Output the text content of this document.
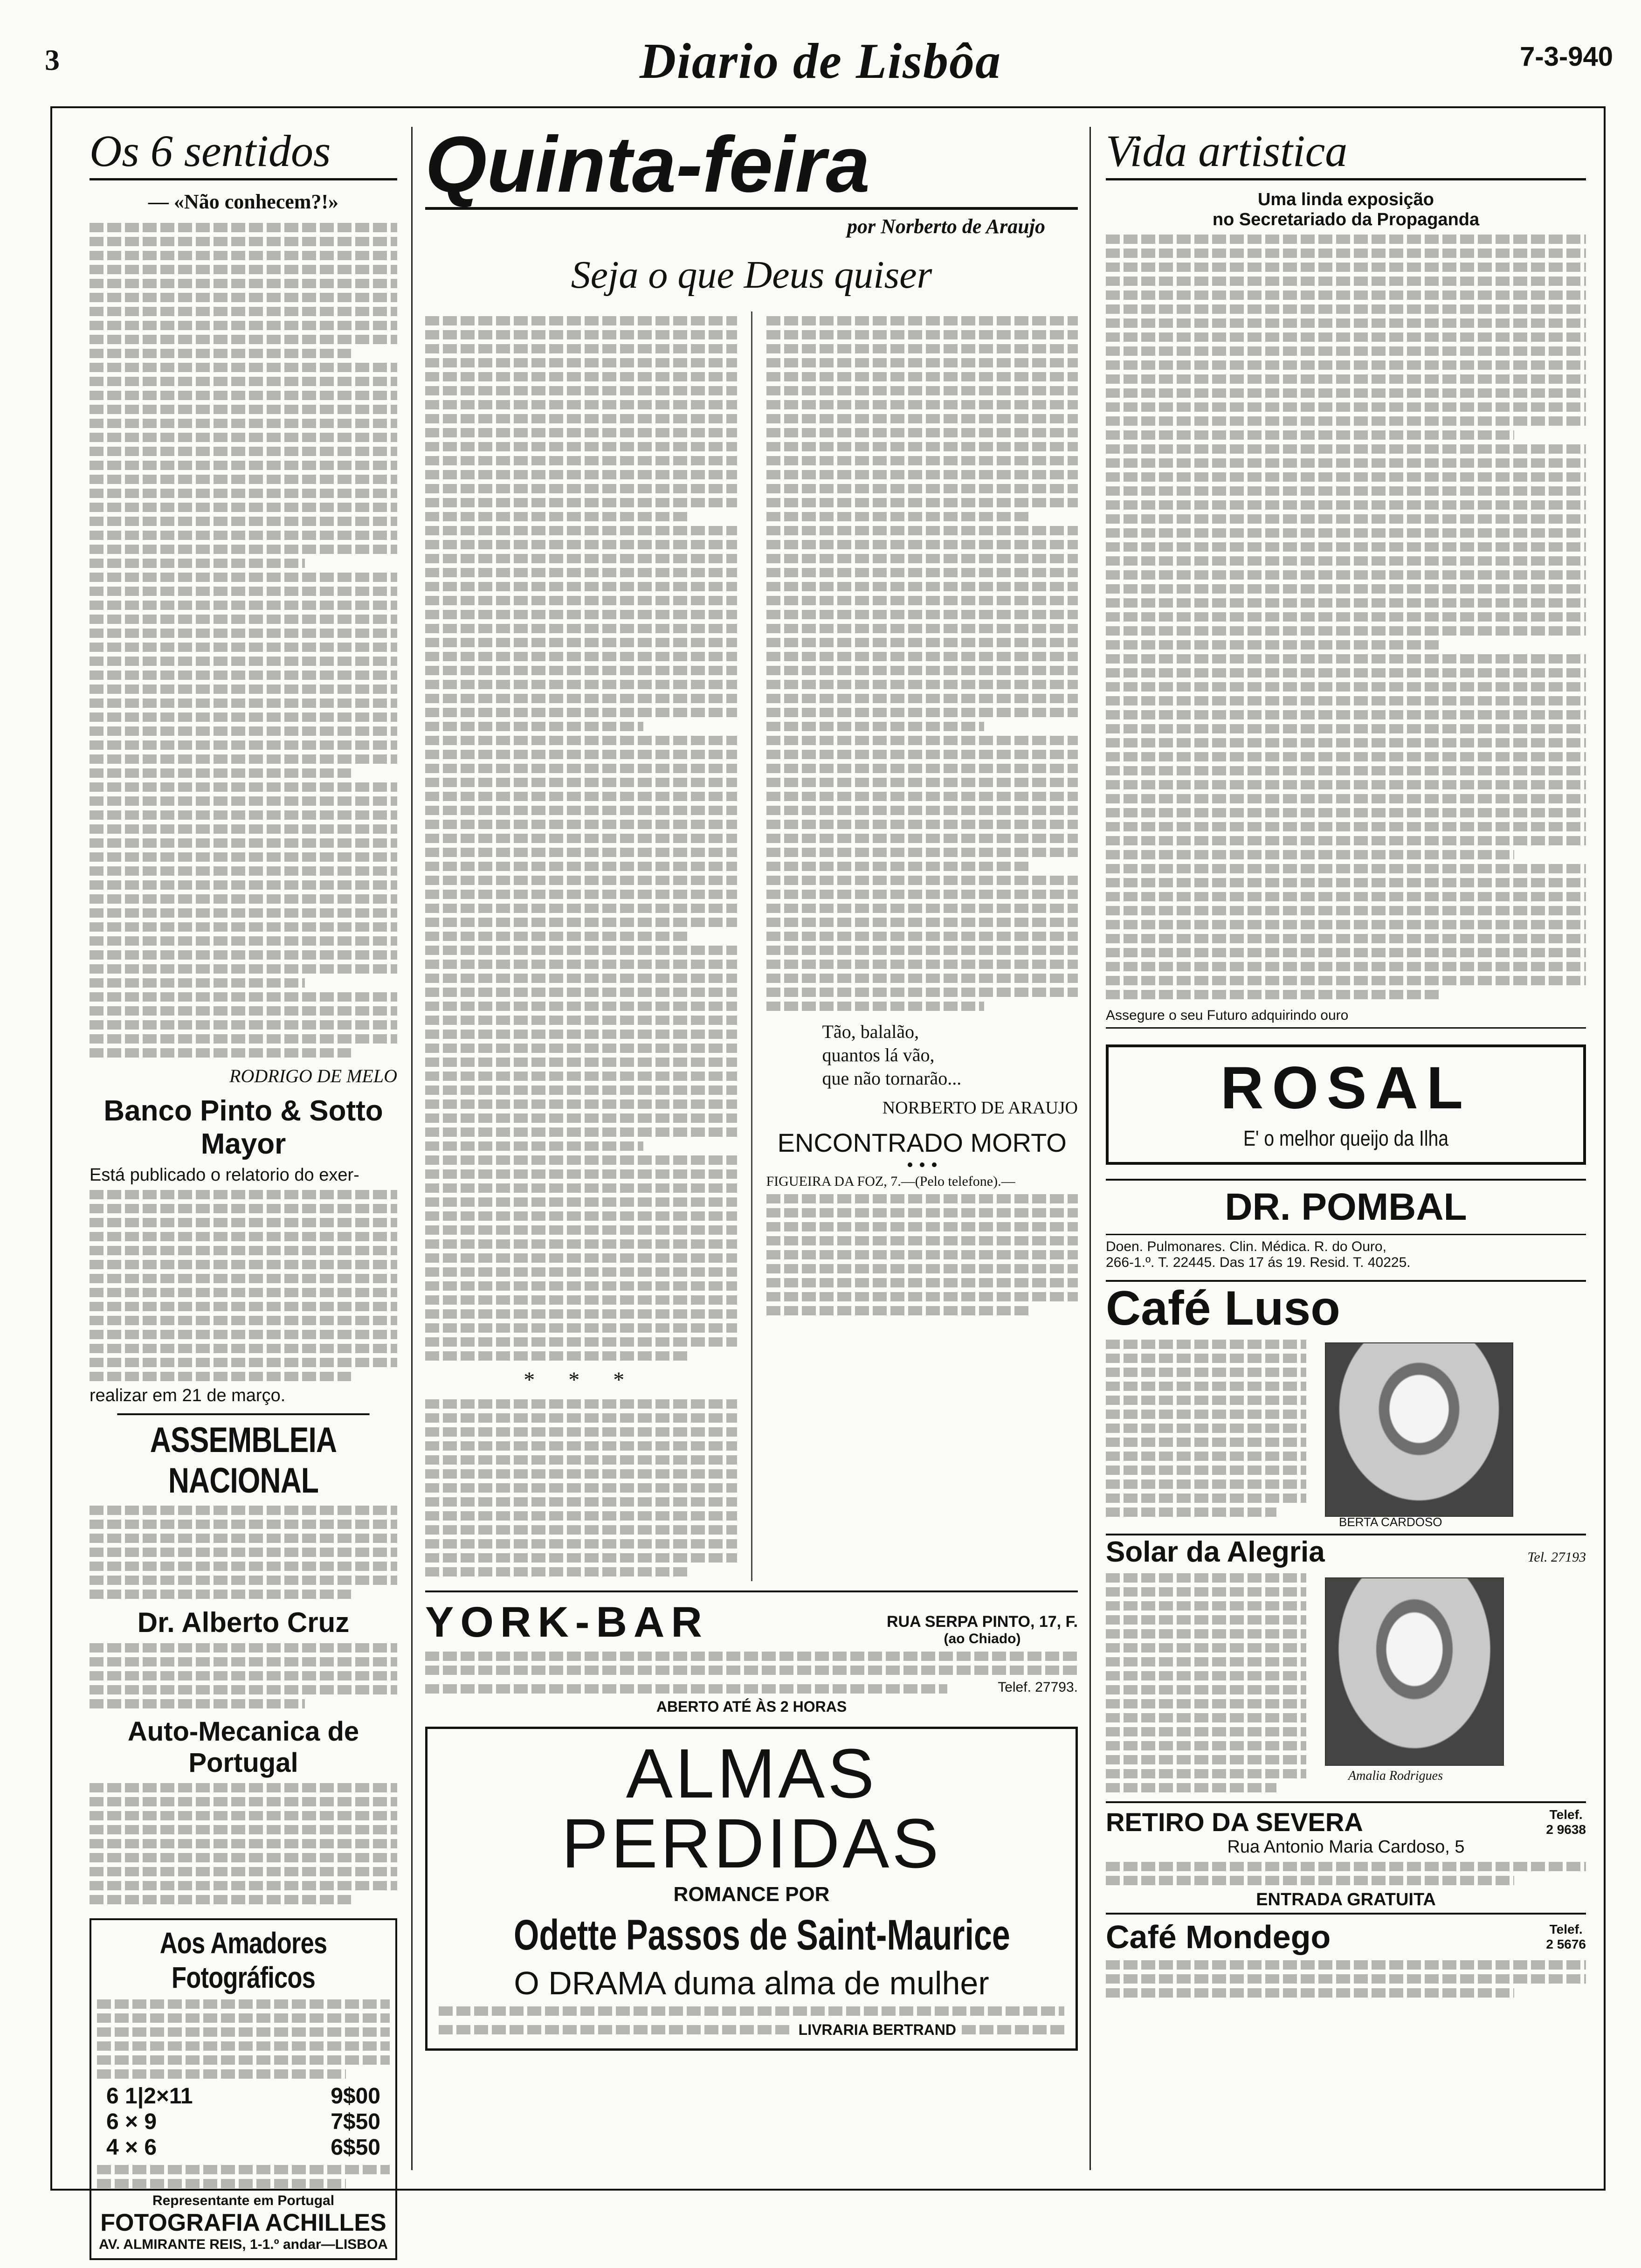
3	Diario de Lisbôa	7-3-940
Os 6 sentidos
— «Não conhecem?!»
RODRIGO DE MELO
Banco Pinto & Sotto Mayor
Está publicado o relatorio do exer-
realizar em 21 de março.
ASSEMBLEIA NACIONAL
Dr. Alberto Cruz
Auto-Mecanica de Portugal
Aos Amadores Fotográficos
6 1|2×11	9$00
6 × 9	7$50
4 × 6	6$50
Representante em Portugal
FOTOGRAFIA ACHILLES
AV. ALMIRANTE REIS, 1-1.º andar—LISBOA
Quinta-feira
por Norberto de Araujo
Seja o que Deus quiser
* * *
Tão, balalão,
quantos lá vão,
que não tornarão...
NORBERTO DE ARAUJO
ENCONTRADO MORTO
FIGUEIRA DA FOZ, 7.—(Pelo telefone).—
YORK-BAR	RUA SERPA PINTO, 17, F.
(ao Chiado)
Telef. 27793.
ABERTO ATÉ ÀS 2 HORAS
ALMAS PERDIDAS
ROMANCE POR
Odette Passos de Saint-Maurice
O DRAMA duma alma de mulher
LIVRARIA BERTRAND
Vida artistica
Uma linda exposição
no Secretariado da Propaganda
Assegure o seu Futuro adquirindo ouro
ROSAL
E' o melhor queijo da Ilha
DR. POMBAL
Doen. Pulmonares. Clin. Médica. R. do Ouro,
266-1.º. T. 22445. Das 17 ás 19. Resid. T. 40225.
Café Luso
BERTA CARDOSO
Solar da Alegria	Tel. 27193
Amalia Rodrigues
RETIRO DA SEVERA	Telef.
2 9638
Rua Antonio Maria Cardoso, 5
ENTRADA GRATUITA
Café Mondego	Telef.
2 5676
